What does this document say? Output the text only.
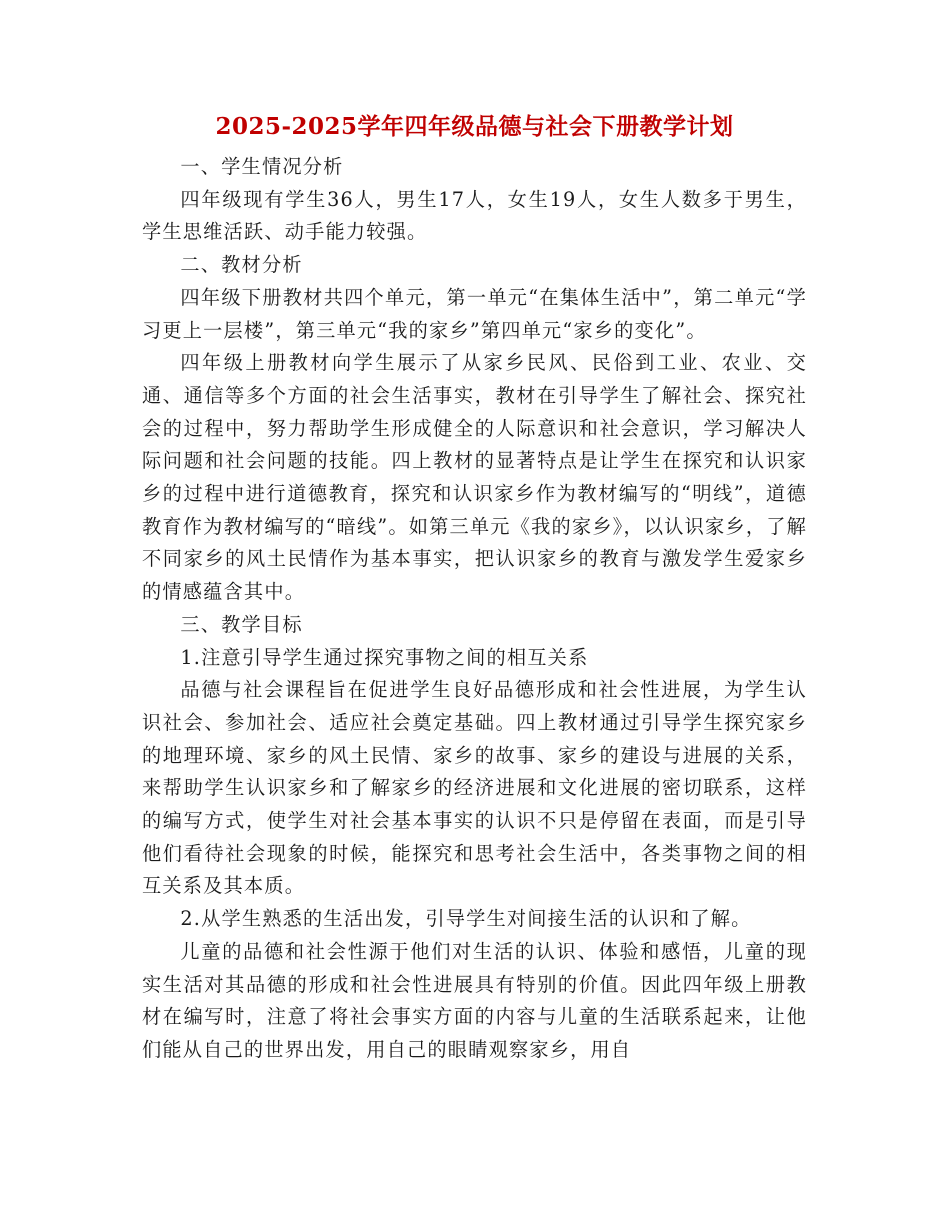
2025-2025学年四年级品德与社会下册教学计划

一、学生情况分析

四年级现有学生36人，男生17人，女生19人，女生人数多于男生，学生思维活跃、动手能力较强。

二、教材分析

四年级下册教材共四个单元，第一单元“在集体生活中”，第二单元“学习更上一层楼”，第三单元“我的家乡”第四单元“家乡的变化”。

四年级上册教材向学生展示了从家乡民风、民俗到工业、农业、交通、通信等多个方面的社会生活事实，教材在引导学生了解社会、探究社会的过程中，努力帮助学生形成健全的人际意识和社会意识，学习解决人际问题和社会问题的技能。四上教材的显著特点是让学生在探究和认识家乡的过程中进行道德教育，探究和认识家乡作为教材编写的“明线”，道德教育作为教材编写的“暗线”。如第三单元《我的家乡》，以认识家乡，了解不同家乡的风土民情作为基本事实，把认识家乡的教育与激发学生爱家乡的情感蕴含其中。

三、教学目标

1.注意引导学生通过探究事物之间的相互关系

品德与社会课程旨在促进学生良好品德形成和社会性进展，为学生认识社会、参加社会、适应社会奠定基础。四上教材通过引导学生探究家乡的地理环境、家乡的风土民情、家乡的故事、家乡的建设与进展的关系，来帮助学生认识家乡和了解家乡的经济进展和文化进展的密切联系，这样的编写方式，使学生对社会基本事实的认识不只是停留在表面，而是引导他们看待社会现象的时候，能探究和思考社会生活中，各类事物之间的相互关系及其本质。

2.从学生熟悉的生活出发，引导学生对间接生活的认识和了解。

儿童的品德和社会性源于他们对生活的认识、体验和感悟，儿童的现实生活对其品德的形成和社会性进展具有特别的价值。因此四年级上册教材在编写时，注意了将社会事实方面的内容与儿童的生活联系起来，让他们能从自己的世界出发，用自己的眼睛观察家乡，用自
